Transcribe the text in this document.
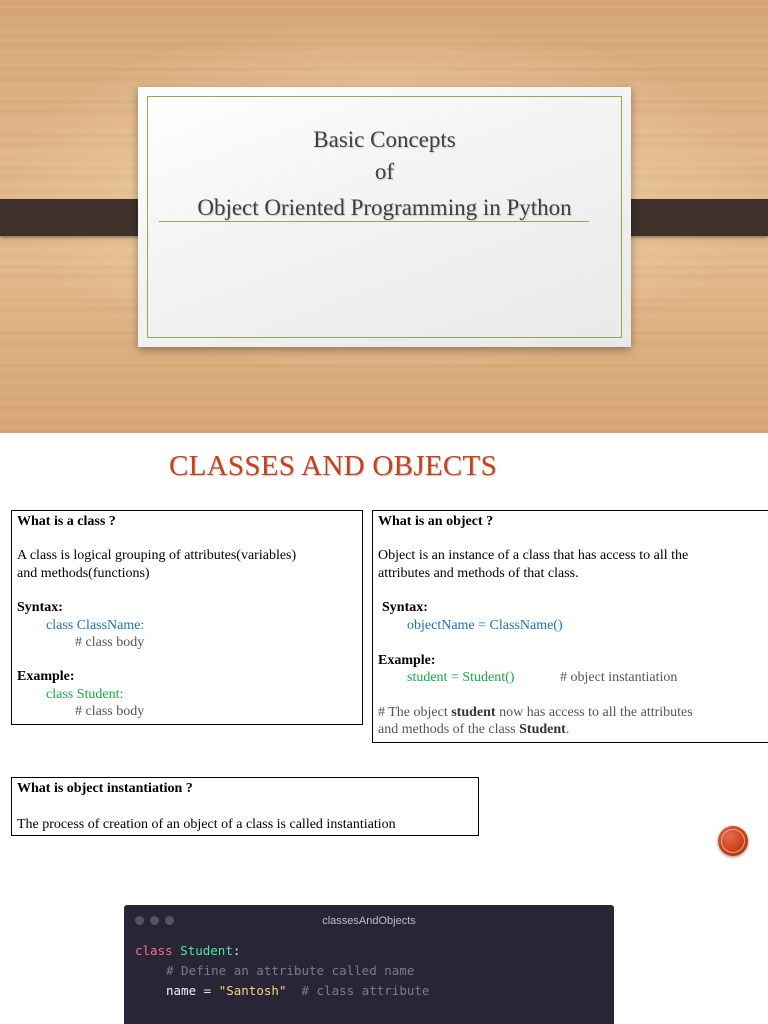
Basic Concepts
of
Object Oriented Programming in Python
CLASSES AND OBJECTS
What is a class ?
A class is logical grouping of attributes(variables)
and methods(functions)
Syntax:
class ClassName:
# class body
Example:
class Student:
# class body
What is an object ?
Object is an instance of a class that has access to all the
attributes and methods of that class.
Syntax:
objectName = ClassName()
Example:
student = Student()	# object instantiation
# The object student now has access to all the attributes
and methods of the class Student.
What is object instantiation ?
The process of creation of an object of a class is called instantiation
classesAndObjects
class Student:
# Define an attribute called name
name = "Santosh" # class attribute
